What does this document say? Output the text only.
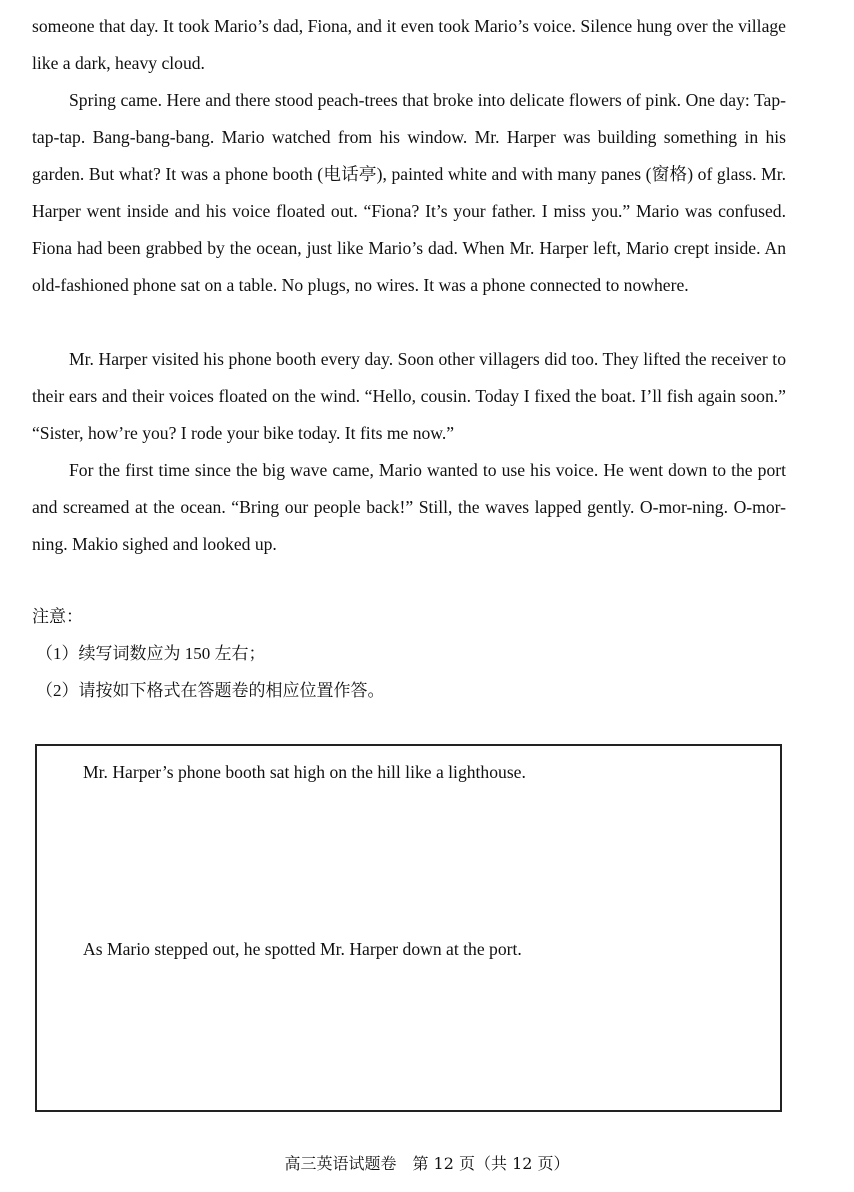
someone that day. It took Mario’s dad, Fiona, and it even took Mario’s voice. Silence hung over the village like a dark, heavy cloud.

Spring came. Here and there stood peach-trees that broke into delicate flowers of pink. One day: Tap-tap-tap. Bang-bang-bang. Mario watched from his window. Mr. Harper was building something in his garden. But what? It was a phone booth (电话亭), painted white and with many panes (窗格) of glass. Mr. Harper went inside and his voice floated out. “Fiona? It’s your father. I miss you.” Mario was confused. Fiona had been grabbed by the ocean, just like Mario’s dad. When Mr. Harper left, Mario crept inside. An old-fashioned phone sat on a table. No plugs, no wires. It was a phone connected to nowhere.

Mr. Harper visited his phone booth every day. Soon other villagers did too. They lifted the receiver to their ears and their voices floated on the wind. “Hello, cousin. Today I fixed the boat. I’ll fish again soon.” “Sister, how’re you? I rode your bike today. It fits me now.”

For the first time since the big wave came, Mario wanted to use his voice. He went down to the port and screamed at the ocean. “Bring our people back!” Still, the waves lapped gently. O-mor-ning. O-mor-ning. Makio sighed and looked up.

注意：
（1）续写词数应为 150 左右；
（2）请按如下格式在答题卷的相应位置作答。
Mr. Harper’s phone booth sat high on the hill like a lighthouse.
As Mario stepped out, he spotted Mr. Harper down at the port.
高三英语试题卷　第 12 页（共 12 页）
